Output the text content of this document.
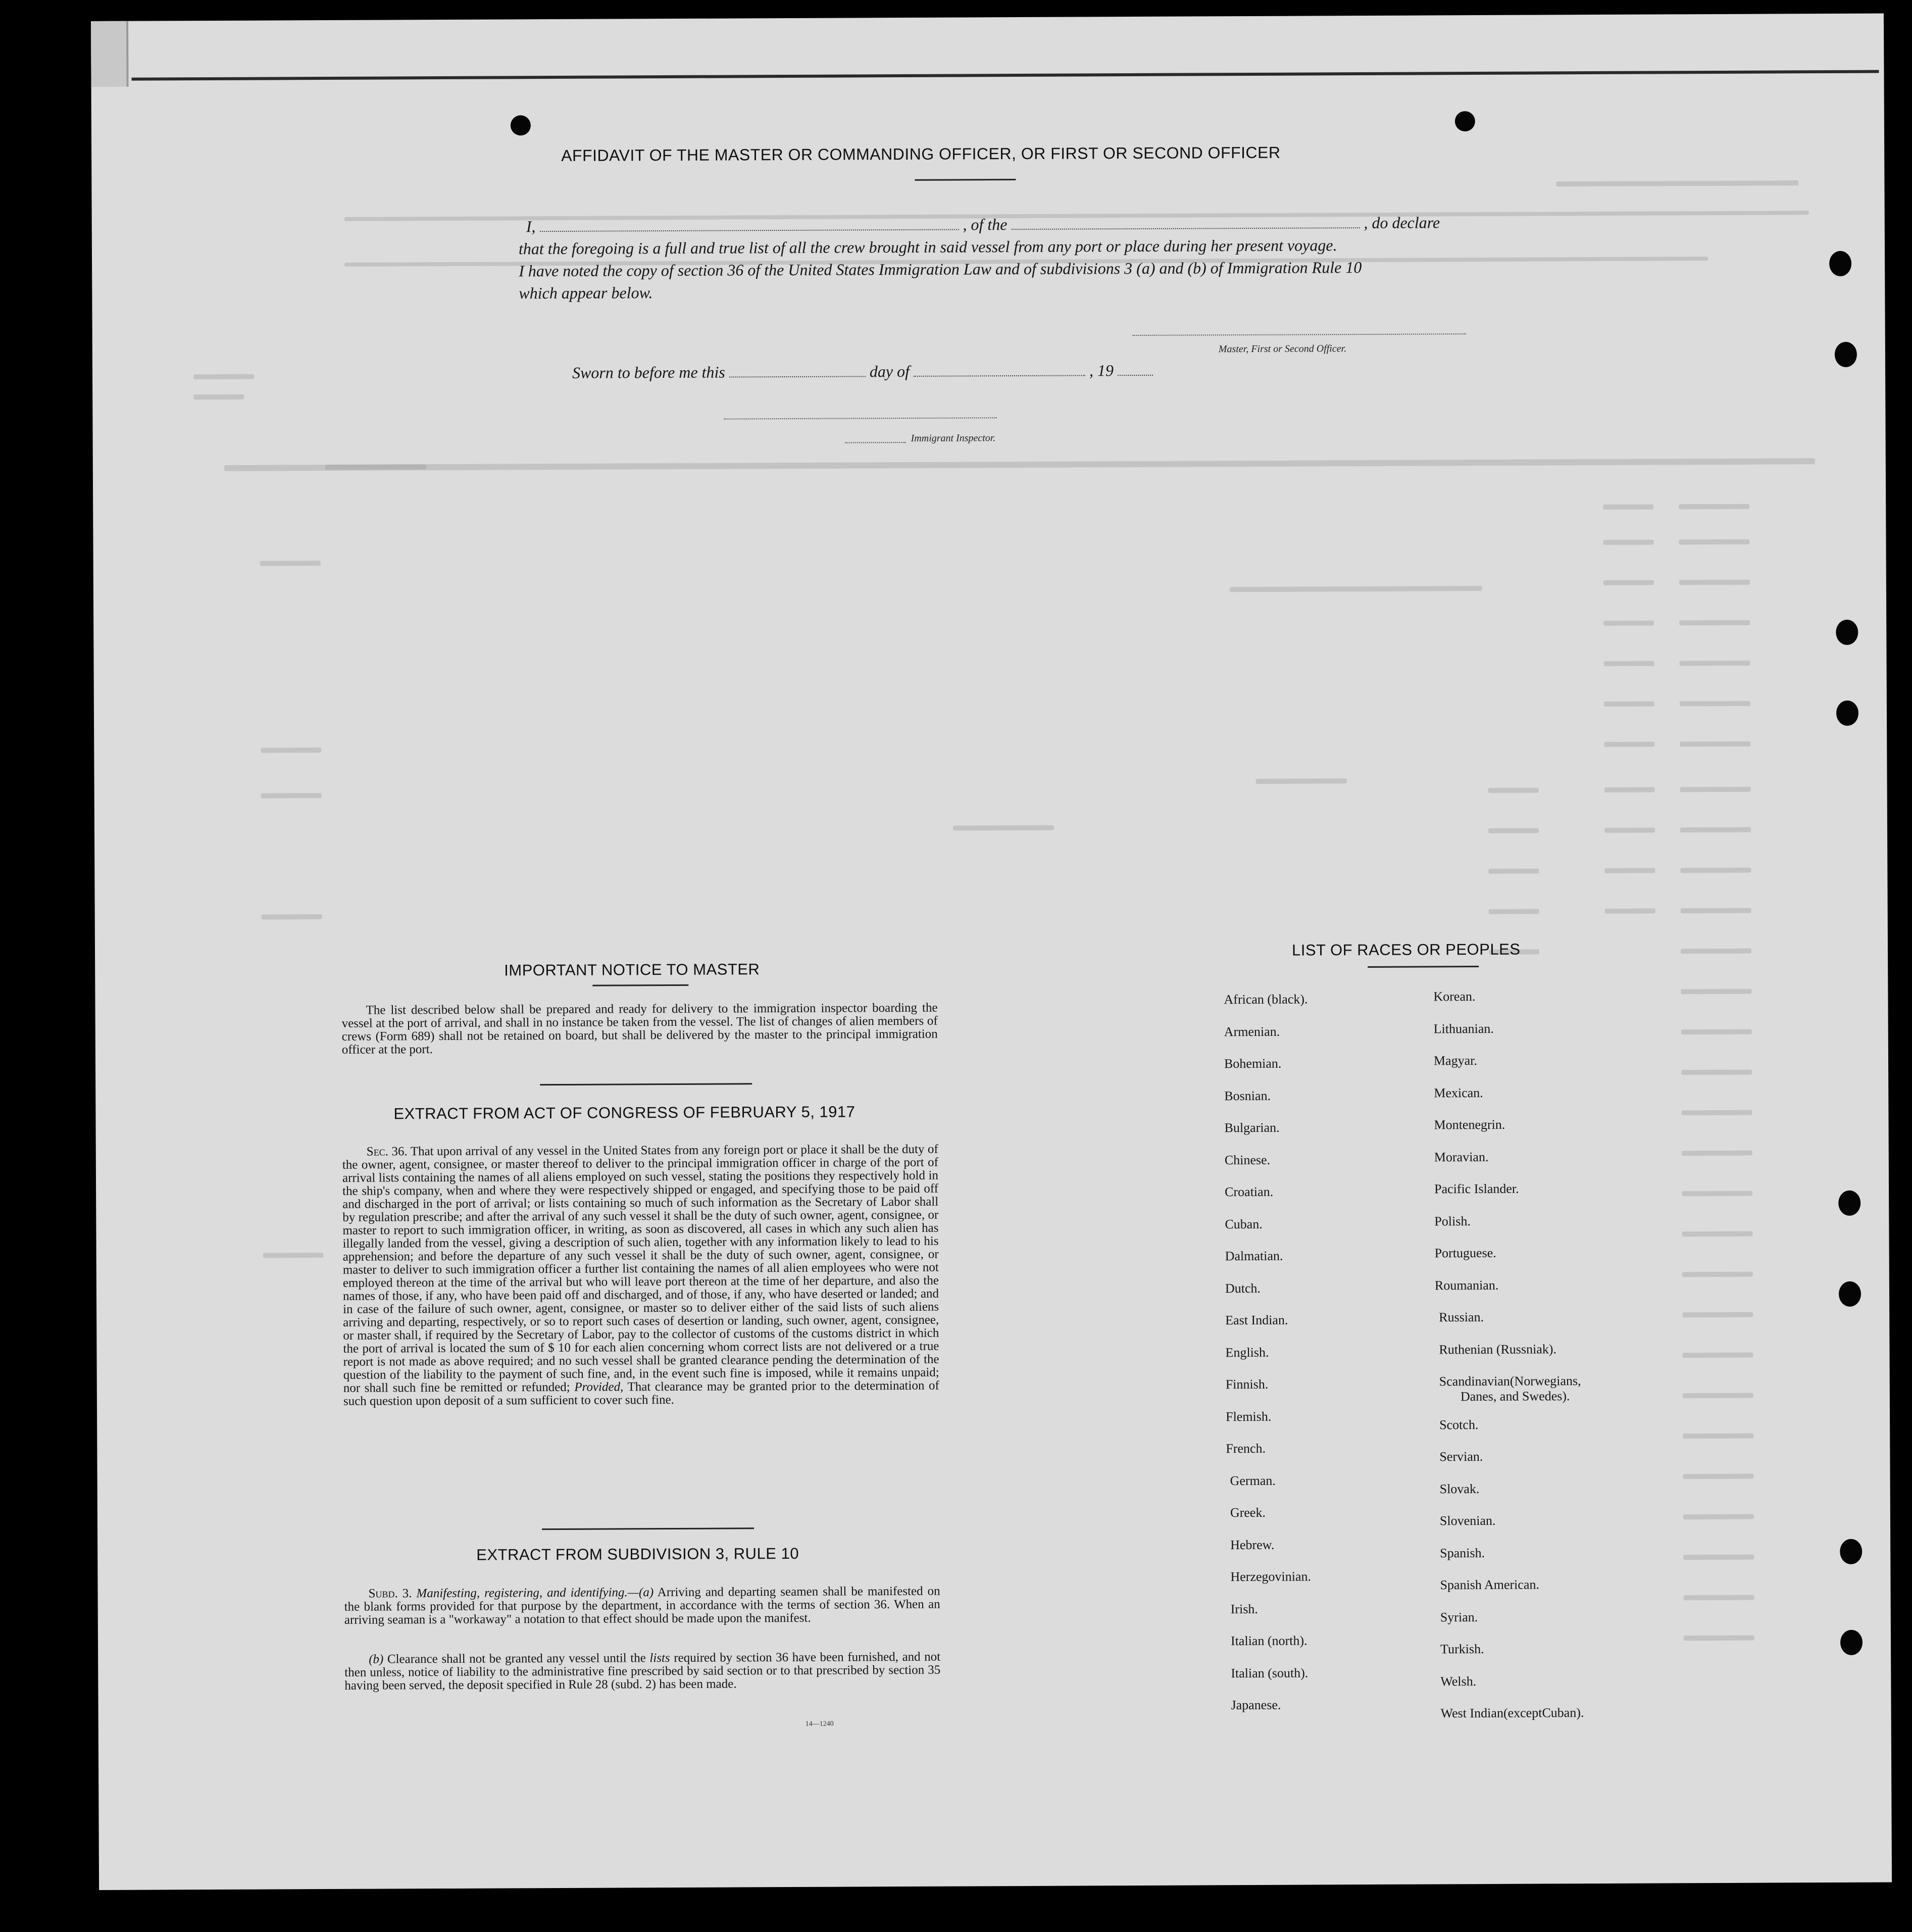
AFFIDAVIT OF THE MASTER OR COMMANDING OFFICER, OR FIRST OR SECOND OFFICER
I,	, of the	, do declare
that the foregoing is a full and true list of all the crew brought in said vessel from any port or place during her present voyage.
I have noted the copy of section 36 of the United States Immigration Law and of subdivisions 3 (a) and (b) of Immigration Rule 10
which appear below.
Master, First or Second Officer.
Sworn to before me this	day of	, 19
Immigrant Inspector.
IMPORTANT NOTICE TO MASTER
The list described below shall be prepared and ready for delivery to the immigration inspector boarding the vessel at the port of arrival, and shall in no instance be taken from the vessel. The list of changes of alien members of crews (Form 689) shall not be retained on board, but shall be delivered by the master to the principal immigration officer at the port.
EXTRACT FROM ACT OF CONGRESS OF FEBRUARY 5, 1917
Sec. 36. That upon arrival of any vessel in the United States from any foreign port or place it shall be the duty of the owner, agent, consignee, or master thereof to deliver to the principal immigration officer in charge of the port of arrival lists containing the names of all aliens employed on such vessel, stating the positions they respectively hold in the ship's company, when and where they were respectively shipped or engaged, and specifying those to be paid off and discharged in the port of arrival; or lists containing so much of such information as the Secretary of Labor shall by regulation prescribe; and after the arrival of any such vessel it shall be the duty of such owner, agent, consignee, or master to report to such immigration officer, in writing, as soon as discovered, all cases in which any such alien has illegally landed from the vessel, giving a description of such alien, together with any information likely to lead to his apprehension; and before the departure of any such vessel it shall be the duty of such owner, agent, consignee, or master to deliver to such immigration officer a further list containing the names of all alien employees who were not employed thereon at the time of the arrival but who will leave port thereon at the time of her departure, and also the names of those, if any, who have been paid off and discharged, and of those, if any, who have deserted or landed; and in case of the failure of such owner, agent, consignee, or master so to deliver either of the said lists of such aliens arriving and departing, respectively, or so to report such cases of desertion or landing, such owner, agent, consignee, or master shall, if required by the Secretary of Labor, pay to the collector of customs of the customs district in which the port of arrival is located the sum of $ 10 for each alien concerning whom correct lists are not delivered or a true report is not made as above required; and no such vessel shall be granted clearance pending the determination of the question of the liability to the payment of such fine, and, in the event such fine is imposed, while it remains unpaid; nor shall such fine be remitted or refunded; Provided, That clearance may be granted prior to the determination of such question upon deposit of a sum sufficient to cover such fine.
EXTRACT FROM SUBDIVISION 3, RULE 10
Subd. 3. Manifesting, registering, and identifying.—(a) Arriving and departing seamen shall be manifested on the blank forms provided for that purpose by the department, in accordance with the terms of section 36. When an arriving seaman is a "workaway" a notation to that effect should be made upon the manifest.
(b) Clearance shall not be granted any vessel until the lists required by section 36 have been furnished, and not then unless, notice of liability to the administrative fine prescribed by said section or to that prescribed by section 35 having been served, the deposit specified in Rule 28 (subd. 2) has been made.
14—1240
LIST OF RACES OR PEOPLES
African (black).
Armenian.
Bohemian.
Bosnian.
Bulgarian.
Chinese.
Croatian.
Cuban.
Dalmatian.
Dutch.
East Indian.
English.
Finnish.
Flemish.
French.
German.
Greek.
Hebrew.
Herzegovinian.
Irish.
Italian (north).
Italian (south).
Japanese.
Korean.
Lithuanian.
Magyar.
Mexican.
Montenegrin.
Moravian.
Pacific Islander.
Polish.
Portuguese.
Roumanian.
Russian.
Ruthenian (Russniak).
Scandinavian(Norwegians,
Scotch.
Servian.
Slovak.
Slovenian.
Spanish.
Spanish American.
Syrian.
Turkish.
Welsh.
West Indian(exceptCuban).
Danes, and Swedes).
